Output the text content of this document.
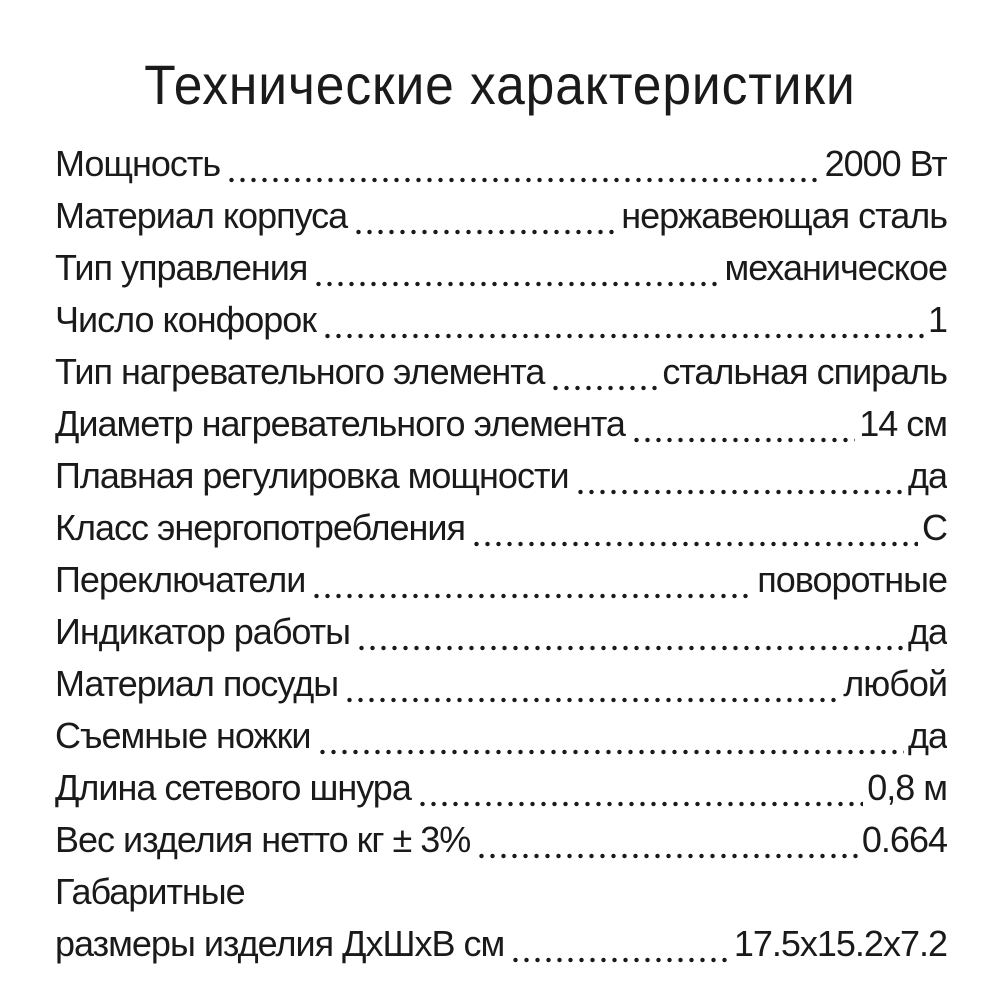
Технические характеристики
Мощность	2000 Вт
Материал корпуса	нержавеющая сталь
Тип управления	механическое
Число конфорок	1
Тип нагревательного элемента	стальная спираль
Диаметр нагревательного элемента	14 см
Плавная регулировка мощности	да
Класс энергопотребления	С
Переключатели	поворотные
Индикатор работы	да
Материал посуды	любой
Съемные ножки	да
Длина сетевого шнура	0,8 м
Вес изделия нетто кг ± 3%	0.664
Габаритные
размеры изделия ДхШхВ см	17.5x15.2x7.2
